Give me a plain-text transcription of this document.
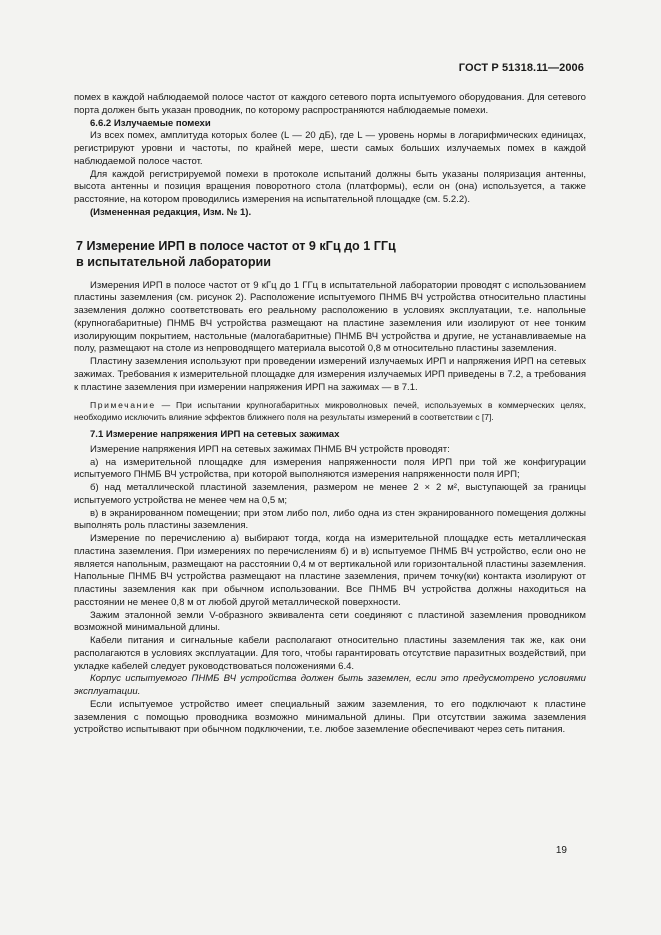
ГОСТ Р 51318.11—2006

помех в каждой наблюдаемой полосе частот от каждого сетевого порта испытуемого оборудования. Для сетевого порта должен быть указан проводник, по которому распространяются наблюдаемые помехи.

6.6.2 Излучаемые помехи

Из всех помех, амплитуда которых более (L — 20 дБ), где L — уровень нормы в логарифмических единицах, регистрируют уровни и частоты, по крайней мере, шести самых больших излучаемых помех в каждой наблюдаемой полосе частот.

Для каждой регистрируемой помехи в протоколе испытаний должны быть указаны поляризация антенны, высота антенны и позиция вращения поворотного стола (платформы), если он (она) используется, а также расстояние, на котором проводились измерения на испытательной площадке (см. 5.2.2).

(Измененная редакция, Изм. № 1).

7 Измерение ИРП в полосе частот от 9 кГц до 1 ГГц
в испытательной лаборатории

Измерения ИРП в полосе частот от 9 кГц до 1 ГГц в испытательной лаборатории проводят с использованием пластины заземления (см. рисунок 2). Расположение испытуемого ПНМБ ВЧ устройства относительно пластины заземления должно соответствовать его реальному расположению в условиях эксплуатации, т.е. напольные (крупногабаритные) ПНМБ ВЧ устройства размещают на пластине заземления или изолируют от нее тонким изолирующим покрытием, настольные (малогабаритные) ПНМБ ВЧ устройства и другие, не устанавливаемые на полу, размещают на столе из непроводящего материала высотой 0,8 м относительно пластины заземления.

Пластину заземления используют при проведении измерений излучаемых ИРП и напряжения ИРП на сетевых зажимах. Требования к измерительной площадке для измерения излучаемых ИРП приведены в 7.2, а требования к пластине заземления при измерении напряжения ИРП на зажимах — в 7.1.

Примечание — При испытании крупногабаритных микроволновых печей, используемых в коммерческих целях, необходимо исключить влияние эффектов ближнего поля на результаты измерений в соответствии с [7].

7.1 Измерение напряжения ИРП на сетевых зажимах

Измерение напряжения ИРП на сетевых зажимах ПНМБ ВЧ устройств проводят:

а) на измерительной площадке для измерения напряженности поля ИРП при той же конфигурации испытуемого ПНМБ ВЧ устройства, при которой выполняются измерения напряженности поля ИРП;

б) над металлической пластиной заземления, размером не менее 2 × 2 м², выступающей за границы испытуемого устройства не менее чем на 0,5 м;

в) в экранированном помещении; при этом либо пол, либо одна из стен экранированного помещения должны выполнять роль пластины заземления.

Измерение по перечислению а) выбирают тогда, когда на измерительной площадке есть металлическая пластина заземления. При измерениях по перечислениям б) и в) испытуемое ПНМБ ВЧ устройство, если оно не является напольным, размещают на расстоянии 0,4 м от вертикальной или горизонтальной пластины заземления. Напольные ПНМБ ВЧ устройства размещают на пластине заземления, причем точку(ки) контакта изолируют от пластины заземления как при обычном использовании. Все ПНМБ ВЧ устройства должны находиться на расстоянии не менее 0,8 м от любой другой металлической поверхности.

Зажим эталонной земли V-образного эквивалента сети соединяют с пластиной заземления проводником возможной минимальной длины.

Кабели питания и сигнальные кабели располагают относительно пластины заземления так же, как они располагаются в условиях эксплуатации. Для того, чтобы гарантировать отсутствие паразитных воздействий, при укладке кабелей следует руководствоваться положениями 6.4.

Корпус испытуемого ПНМБ ВЧ устройства должен быть заземлен, если это предусмотрено условиями эксплуатации.

Если испытуемое устройство имеет специальный зажим заземления, то его подключают к пластине заземления с помощью проводника возможно минимальной длины. При отсутствии зажима заземления устройство испытывают при обычном подключении, т.е. любое заземление обеспечивают через сеть питания.

19
